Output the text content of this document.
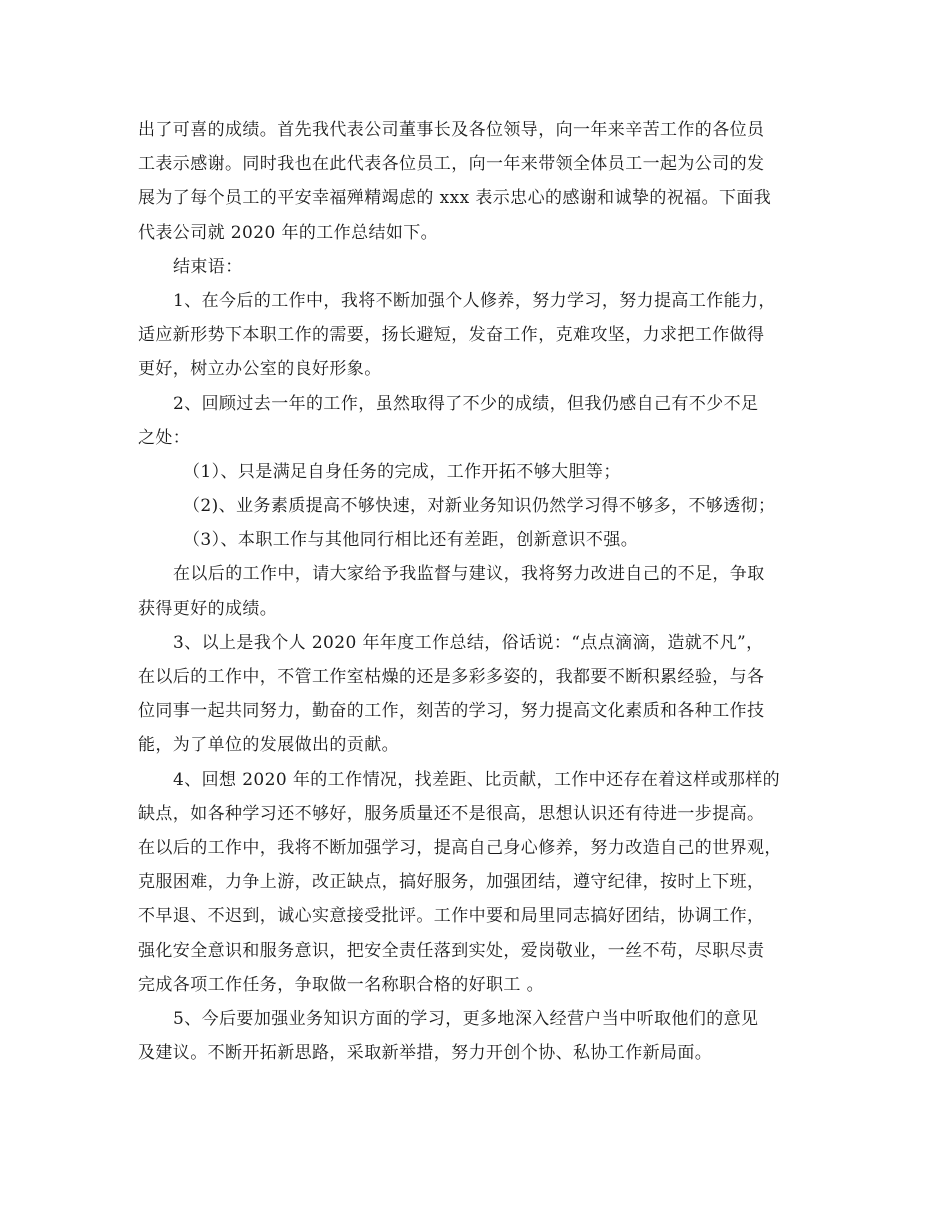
出了可喜的成绩。首先我代表公司董事长及各位领导，向一年来辛苦工作的各位员
工表示感谢。同时我也在此代表各位员工，向一年来带领全体员工一起为公司的发
展为了每个员工的平安幸福殚精竭虑的 xxx 表示忠心的感谢和诚挚的祝福。下面我
代表公司就 2020 年的工作总结如下。
结束语：
1、在今后的工作中，我将不断加强个人修养，努力学习，努力提高工作能力，
适应新形势下本职工作的需要，扬长避短，发奋工作，克难攻坚，力求把工作做得
更好，树立办公室的良好形象。
2、回顾过去一年的工作，虽然取得了不少的成绩，但我仍感自己有不少不足
之处：
（1）、只是满足自身任务的完成，工作开拓不够大胆等；
（2)、业务素质提高不够快速，对新业务知识仍然学习得不够多，不够透彻；
（3）、本职工作与其他同行相比还有差距，创新意识不强。
在以后的工作中，请大家给予我监督与建议，我将努力改进自己的不足，争取
获得更好的成绩。
3、以上是我个人 2020 年年度工作总结，俗话说：“点点滴滴，造就不凡”，
在以后的工作中，不管工作室枯燥的还是多彩多姿的，我都要不断积累经验，与各
位同事一起共同努力，勤奋的工作，刻苦的学习，努力提高文化素质和各种工作技
能，为了单位的发展做出的贡献。
4、回想 2020 年的工作情况，找差距、比贡献，工作中还存在着这样或那样的
缺点，如各种学习还不够好，服务质量还不是很高，思想认识还有待进一步提高。
在以后的工作中，我将不断加强学习，提高自己身心修养，努力改造自己的世界观，
克服困难，力争上游，改正缺点，搞好服务，加强团结，遵守纪律，按时上下班，
不早退、不迟到，诚心实意接受批评。工作中要和局里同志搞好团结，协调工作，
强化安全意识和服务意识，把安全责任落到实处，爱岗敬业，一丝不苟，尽职尽责
完成各项工作任务，争取做一名称职合格的好职工 。
5、今后要加强业务知识方面的学习，更多地深入经营户当中听取他们的意见
及建议。不断开拓新思路，采取新举措，努力开创个协、私协工作新局面。
